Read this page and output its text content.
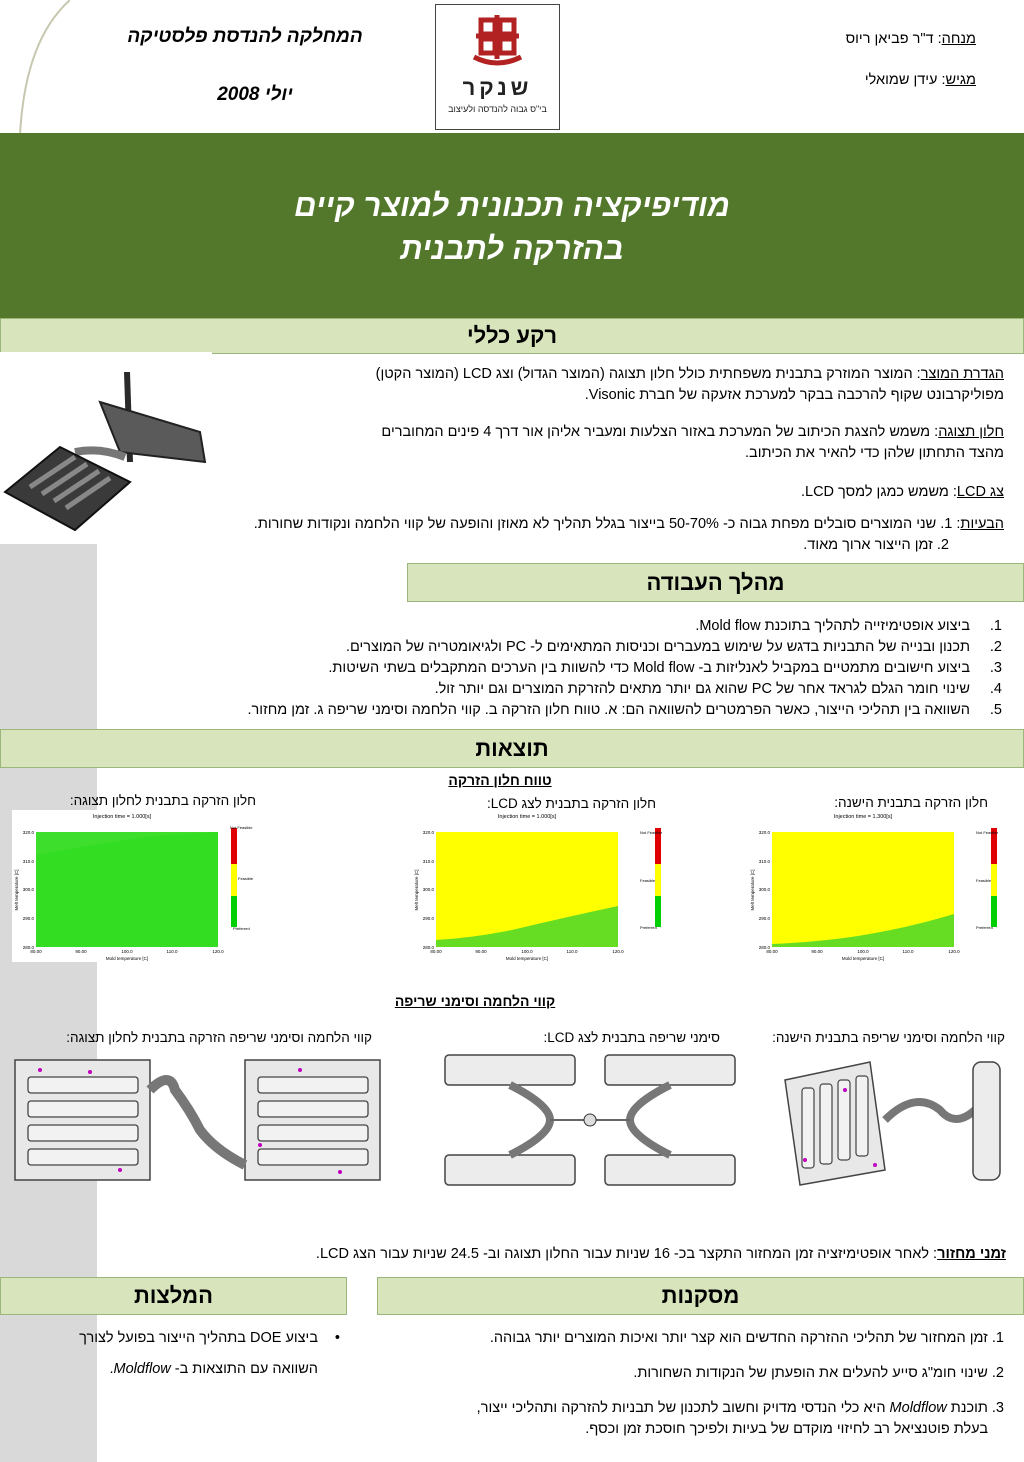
המחלקה להנדסת פלסטיקה
יולי 2008	שנקר
בי"ס גבוה להנדסה ולעיצוב
מנחה: ד"ר פביאן ריוס
מגיש: עידן שמואלי
מודיפיקציה תכנונית למוצר קיים
בהזרקה לתבנית
רקע כללי
הגדרת המוצר: המוצר המוזרק בתבנית משפחתית כולל חלון תצוגה (המוצר הגדול) וצג LCD (המוצר הקטן)
מפוליקרבונט שקוף להרכבה בבקר למערכת אזעקה של חברת Visonic.
חלון תצוגה: משמש להצגת הכיתוב של המערכת באזור הצלעות ומעביר אליהן אור דרך 4 פינים המחוברים
מהצד התחתון שלהן כדי להאיר את הכיתוב.
צג LCD: משמש כמגן למסך LCD.
הבעיות: 1. שני המוצרים סובלים מפחת גבוה כ- 50-70% בייצור בגלל תהליך לא מאוזן והופעה של קווי הלחמה ונקודות שחורות.
2. זמן הייצור ארוך מאוד.
מהלך העבודה
1.ביצוע אופטימיזייה לתהליך בתוכנת Mold flow.
2.תכנון ובנייה של התבניות בדגש על שימוש במעברים וכניסות המתאימים ל- PC ולגיאומטריה של המוצרים.
3.ביצוע חישובים מתמטיים במקביל לאנליזות ב- Mold flow כדי להשוות בין הערכים המתקבלים בשתי השיטות.
4.שינוי חומר הגלם לגראד אחר של PC שהוא גם יותר מתאים להזרקת המוצרים וגם יותר זול.
5.השוואה בין תהליכי הייצור, כאשר הפרמטרים להשוואה הם: א. טווח חלון הזרקה ב. קווי הלחמה וסימני שריפה ג. זמן מחזור.
תוצאות
טווח חלון הזרקה
חלון הזרקה בתבנית לחלון תצוגה:	חלון הזרקה בתבנית לצג LCD:	חלון הזרקה בתבנית הישנה:
Injection time = 1.000[s]
Not Feasible
Feasible
Preferred
320.0
310.0
300.0
290.0
280.0
80.00	90.00	100.0	110.0	120.0
Mold temperature [C]
Melt temperature [C]
Injection time = 1.000[s]
Not Feasible
Feasible
Preferred
320.0
310.0
300.0
290.0
280.0
80.00	90.00	100.0	110.0	120.0
Mold temperature [C]
Melt temperature [C]
Injection time = 1.300[s]
Not Feasible
Feasible
Preferred
320.0
310.0
300.0
290.0
280.0
80.00	90.00	100.0	110.0	120.0
Mold temperature [C]
Melt temperature [C]
קווי הלחמה וסימני שריפה
קווי הלחמה וסימני שריפה הזרקה בתבנית לחלון תצוגה:	סימני שריפה בתבנית לצג LCD:	קווי הלחמה וסימני שריפה בתבנית הישנה:
זמני מחזור: לאחר אופטימיזציה זמן המחזור התקצר בכ- 16 שניות עבור החלון תצוגה וב- 24.5 שניות עבור הצג LCD.
המלצות	מסקנות
•
ביצוע DOE בתהליך הייצור בפועל לצורך
השוואה עם התוצאות ב- Moldflow.
1. זמן המחזור של תהליכי ההזרקה החדשים הוא קצר יותר ואיכות המוצרים יותר גבוהה.
2. שינוי חומ"ג סייע להעלים את הופעתן של הנקודות השחורות.
3. תוכנת Moldflow היא כלי הנדסי מדויק וחשוב לתכנון של תבניות להזרקה ותהליכי ייצור,
בעלת פוטנציאל רב לחיזוי מוקדם של בעיות ולפיכך חוסכת זמן וכסף.
